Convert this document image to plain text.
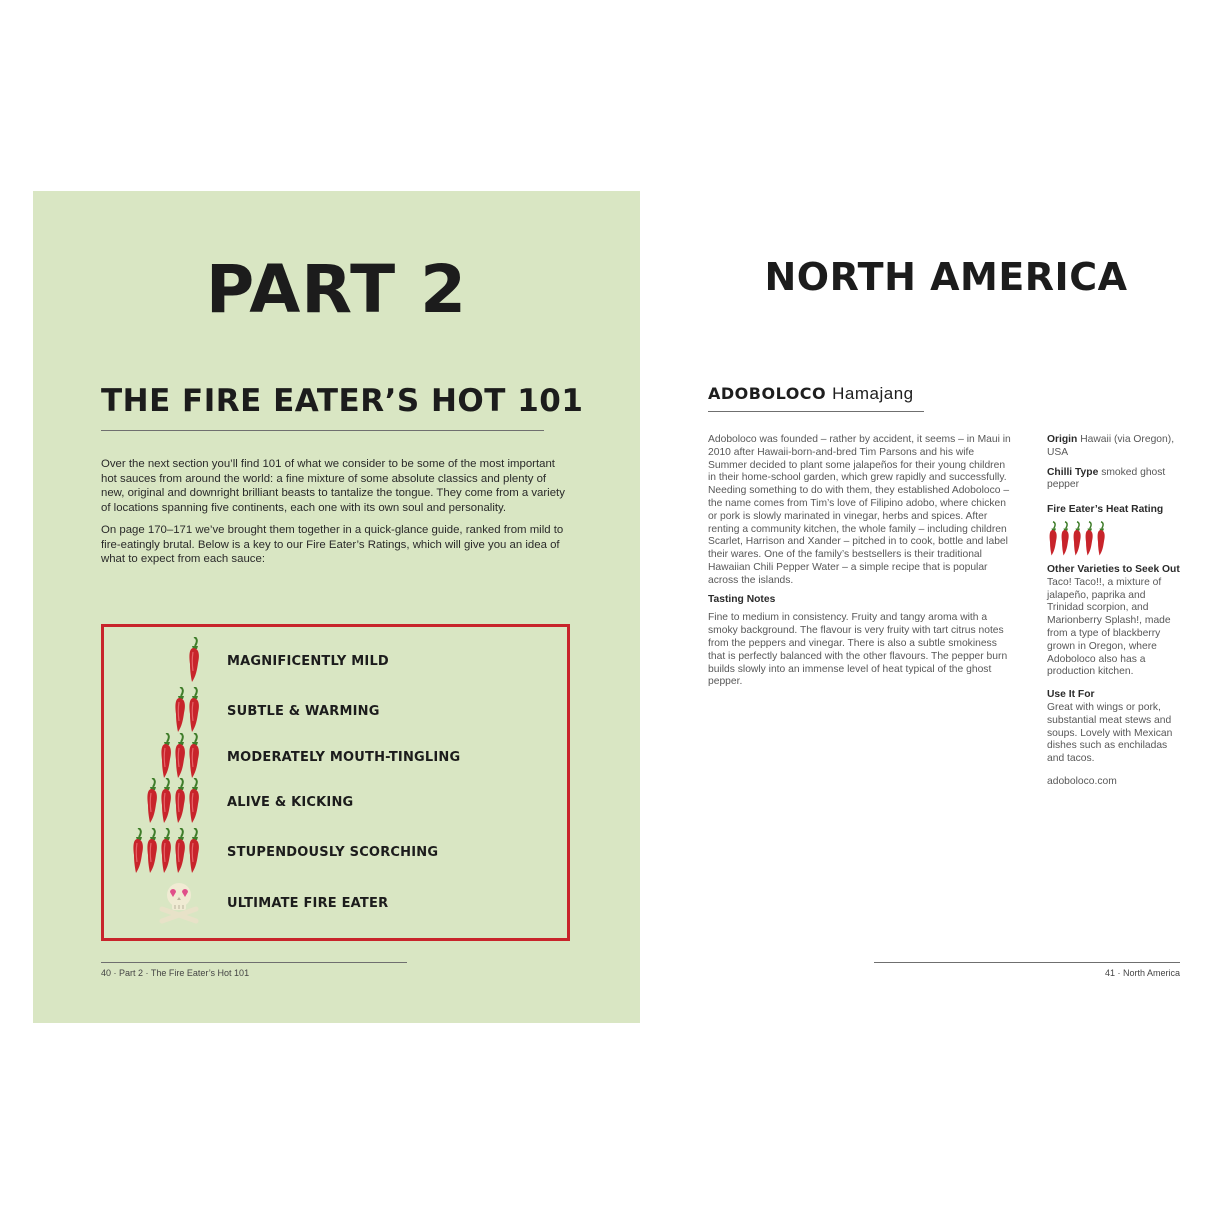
PART 2
THE FIRE EATER’S HOT 101

Over the next section you’ll find 101 of what we consider to be some of the most important hot sauces from around the world: a fine mixture of some absolute classics and plenty of new, original and downright brilliant beasts to tantalize the tongue. They come from a variety of locations spanning five continents, each one with its own soul and personality.

On page 170–171 we’ve brought them together in a quick-glance guide, ranked from mild to fire-eatingly brutal. Below is a key to our Fire Eater’s Ratings, which will give you an idea of what to expect from each sauce:

MAGNIFICENTLY MILD
SUBTLE & WARMING
MODERATELY MOUTH-TINGLING
ALIVE & KICKING
STUPENDOUSLY SCORCHING
ULTIMATE FIRE EATER
40 · Part 2 · The Fire Eater’s Hot 101
NORTH AMERICA
ADOBOLOCO Hamajang

Adoboloco was founded – rather by accident, it seems – in Maui in 2010 after Hawaii-born-and-bred Tim Parsons and his wife Summer decided to plant some jalapeños for their young children in their home-school garden, which grew rapidly and successfully. Needing something to do with them, they established Adoboloco – the name comes from Tim’s love of Filipino adobo, where chicken or pork is slowly marinated in vinegar, herbs and spices. After renting a community kitchen, the whole family – including children Scarlet, Harrison and Xander – pitched in to cook, bottle and label their wares. One of the family’s bestsellers is their traditional Hawaiian Chili Pepper Water – a simple recipe that is popular across the islands.

Tasting Notes

Fine to medium in consistency. Fruity and tangy aroma with a smoky background. The flavour is very fruity with tart citrus notes from the peppers and vinegar. There is also a subtle smokiness that is perfectly balanced with the other flavours. The pepper burn builds slowly into an immense level of heat typical of the ghost pepper.

Origin Hawaii (via Oregon), USA
Chilli Type smoked ghost pepper
Fire Eater’s Heat Rating
Other Varieties to Seek Out
Taco! Taco!!, a mixture of jalapeño, paprika and Trinidad scorpion, and Marionberry Splash!, made from a type of blackberry grown in Oregon, where Adoboloco also has a production kitchen.
Use It For
Great with wings or pork, substantial meat stews and soups. Lovely with Mexican dishes such as enchiladas and tacos.
adoboloco.com
41 · North America
